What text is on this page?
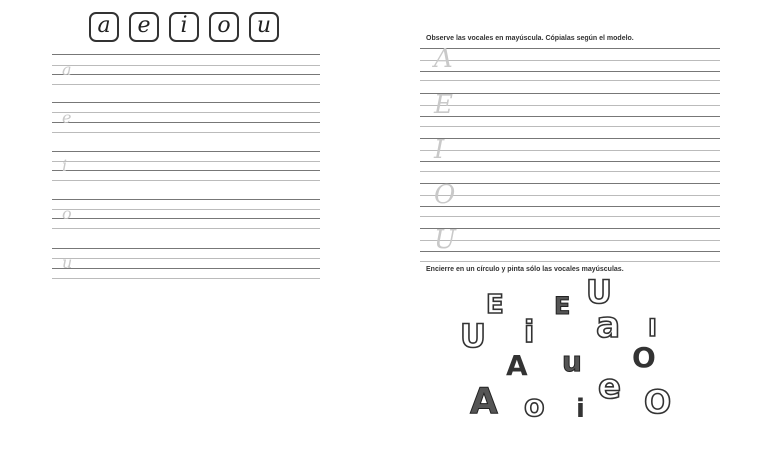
a	e	i	o	u
a
e
i
o
u
Observe las vocales en mayúscula. Cópialas según el modelo.
A
E
I
O
U
Encierre en un círculo y pinta sólo las vocales mayúsculas.
E E U
U i a I
A u O
A o i
e O
